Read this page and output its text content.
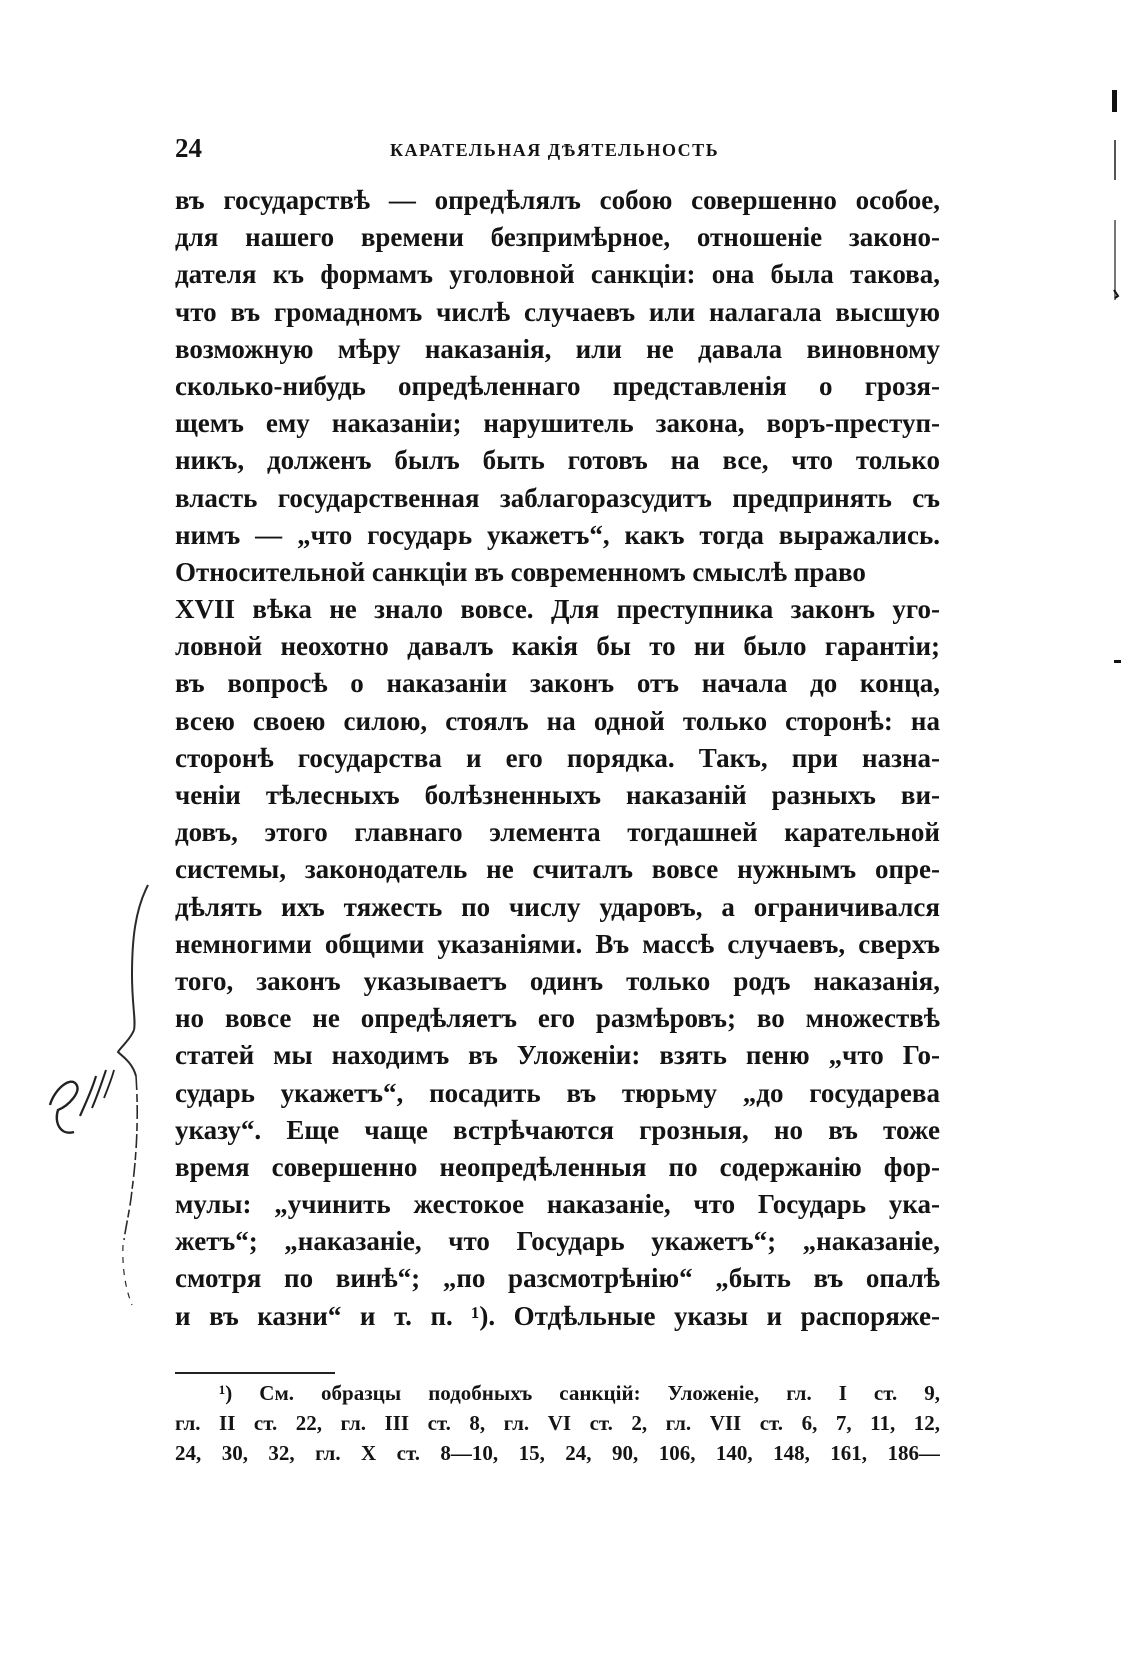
24	КАРАТЕЛЬНАЯ ДѢЯТЕЛЬНОСТЬ
въ государствѣ — опредѣлялъ собою совершенно особое,
для нашего времени безпримѣрное, отношеніе законо-
дателя къ формамъ уголовной санкціи: она была такова,
что въ громадномъ числѣ случаевъ или налагала высшую
возможную мѣру наказанія, или не давала виновному
сколько-нибудь опредѣленнаго представленія о грозя-
щемъ ему наказаніи; нарушитель закона, воръ-преступ-
никъ, долженъ былъ быть готовъ на все, что только
власть государственная заблагоразсудитъ предпринять съ
нимъ — „что государь укажетъ“, какъ тогда выражались.
Относительной санкціи въ современномъ смыслѣ право
XVII вѣка не знало вовсе. Для преступника законъ уго-
ловной неохотно давалъ какія бы то ни было гарантіи;
въ вопросѣ о наказаніи законъ отъ начала до конца,
всею своею силою, стоялъ на одной только сторонѣ: на
сторонѣ государства и его порядка. Такъ, при назна-
ченіи тѣлесныхъ болѣзненныхъ наказаній разныхъ ви-
довъ, этого главнаго элемента тогдашней карательной
системы, законодатель не считалъ вовсе нужнымъ опре-
дѣлять ихъ тяжесть по числу ударовъ, а ограничивался
немногими общими указаніями. Въ массѣ случаевъ, сверхъ
того, законъ указываетъ одинъ только родъ наказанія,
но вовсе не опредѣляетъ его размѣровъ; во множествѣ
статей мы находимъ въ Уложеніи: взять пеню „что Го-
сударь укажетъ“, посадить въ тюрьму „до государева
указу“. Еще чаще встрѣчаются грозныя, но въ тоже
время совершенно неопредѣленныя по содержанію фор-
мулы: „учинить жестокое наказаніе, что Государь ука-
жетъ“; „наказаніе, что Государь укажетъ“; „наказаніе,
смотря по винѣ“; „по разсмотрѣнію“ „быть въ опалѣ
и въ казни“ и т. п. ¹). Отдѣльные указы и распоряже-
¹) См. образцы подобныхъ санкцій: Уложеніе, гл. I ст. 9,
гл. II ст. 22, гл. III ст. 8, гл. VI ст. 2, гл. VII ст. 6, 7, 11, 12,
24, 30, 32, гл. X ст. 8—10, 15, 24, 90, 106, 140, 148, 161, 186—
